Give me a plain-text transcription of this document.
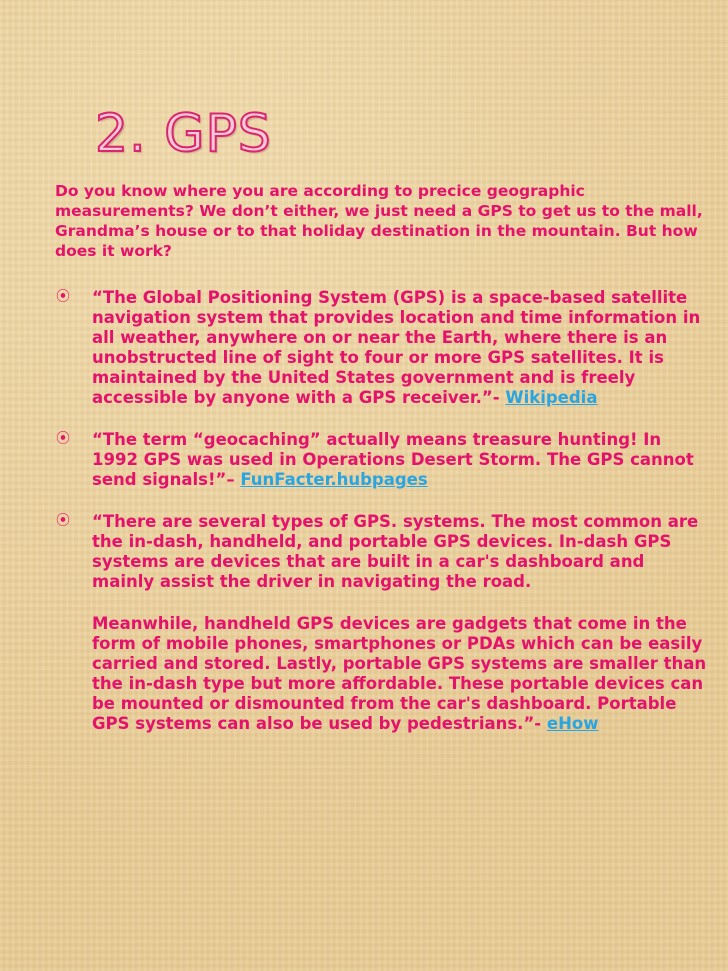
2. GPS

Do you know where you are according to precice geographic measurements? We don’t either, we just need a GPS to get us to the mall, Grandma’s house or to that holiday destination in the mountain. But how does it work?

⦿ “The Global Positioning System (GPS) is a space-based satellite navigation system that provides location and time information in all weather, anywhere on or near the Earth, where there is an unobstructed line of sight to four or more GPS satellites. It is maintained by the United States government and is freely accessible by anyone with a GPS receiver.”- Wikipedia

⦿ “The term “geocaching” actually means treasure hunting! In 1992 GPS was used in Operations Desert Storm. The GPS cannot send signals!”– FunFacter.hubpages

⦿ “There are several types of GPS. systems. The most common are the in-dash, handheld, and portable GPS devices. In-dash GPS systems are devices that are built in a car's dashboard and mainly assist the driver in navigating the road.

Meanwhile, handheld GPS devices are gadgets that come in the form of mobile phones, smartphones or PDAs which can be easily carried and stored. Lastly, portable GPS systems are smaller than the in-dash type but more affordable. These portable devices can be mounted or dismounted from the car's dashboard. Portable GPS systems can also be used by pedestrians.”- eHow
